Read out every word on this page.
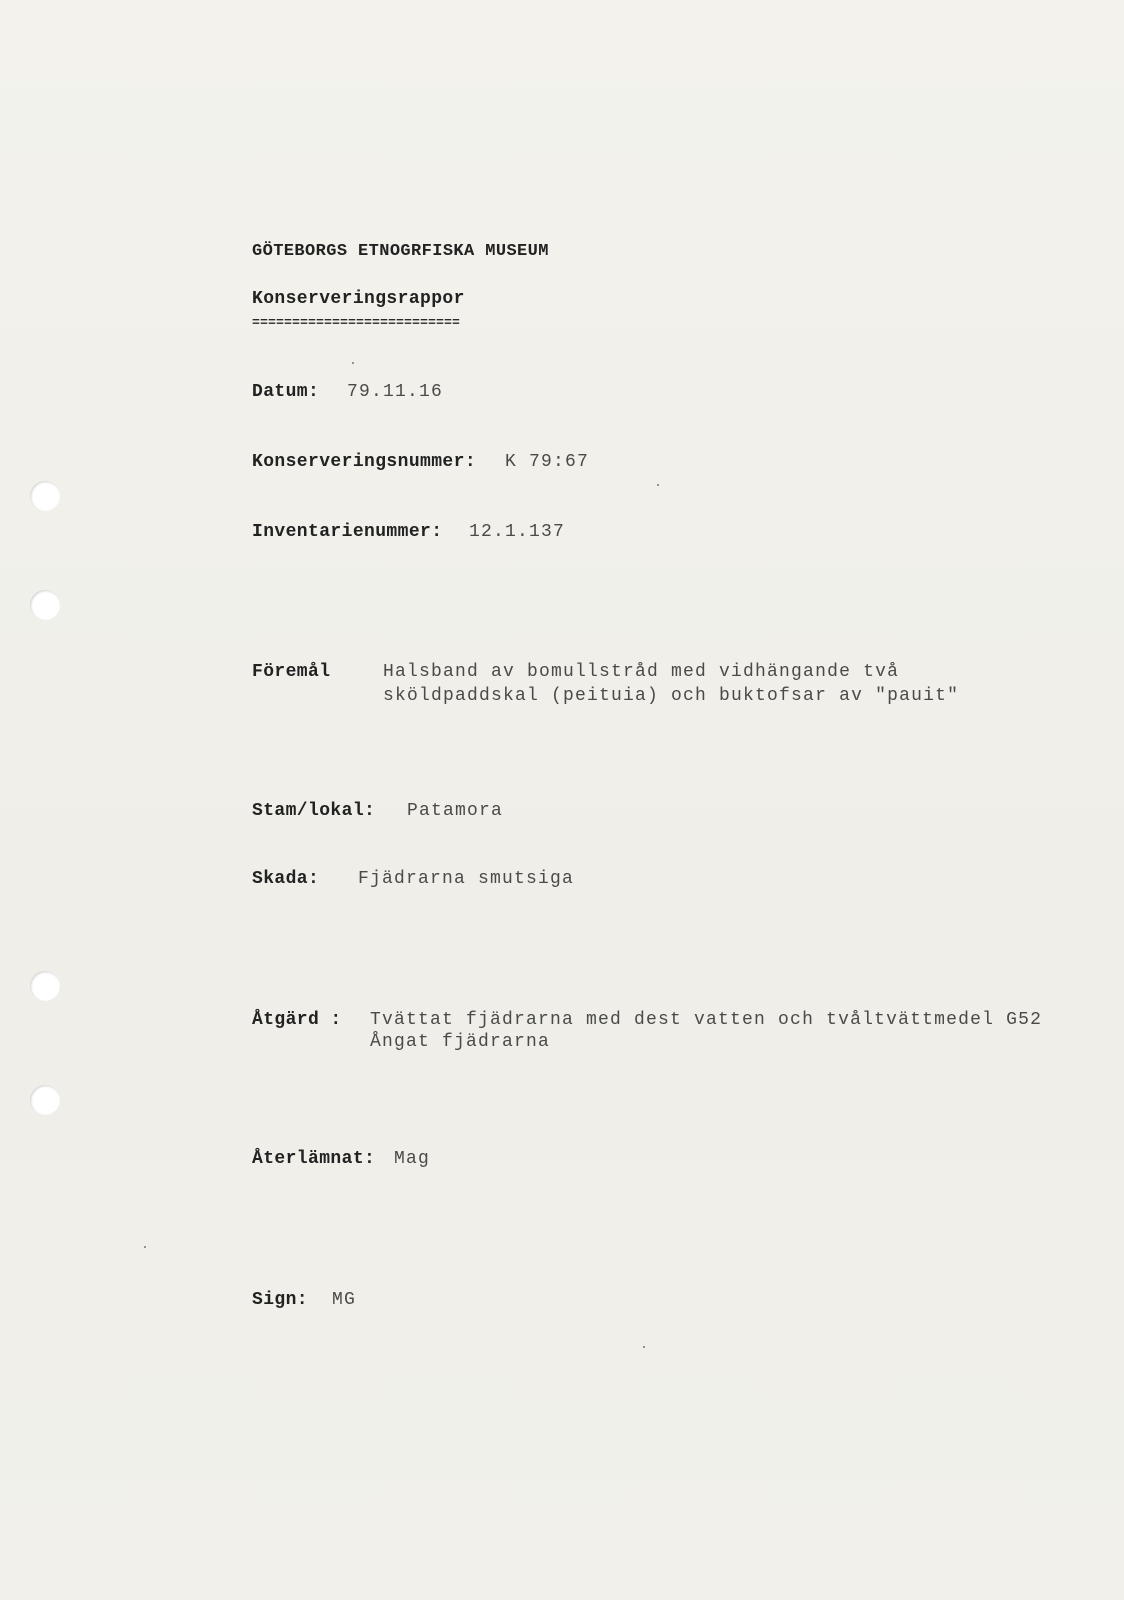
GÖTEBORGS ETNOGRFISKA MUSEUM
Konserveringsrappor
==========================
Datum: 79.11.16
Konserveringsnummer: K 79:67
Inventarienummer: 12.1.137
Föremål	Halsband av bomullstråd med vidhängande två
sköldpaddskal (peituia) och buktofsar av "pauit"
Stam/lokal: Patamora
Skada: Fjädrarna smutsiga
Åtgärd : Tvättat fjädrarna med dest vatten och tvåltvättmedel G52
Ångat fjädrarna
Återlämnat: Mag
Sign: MG
